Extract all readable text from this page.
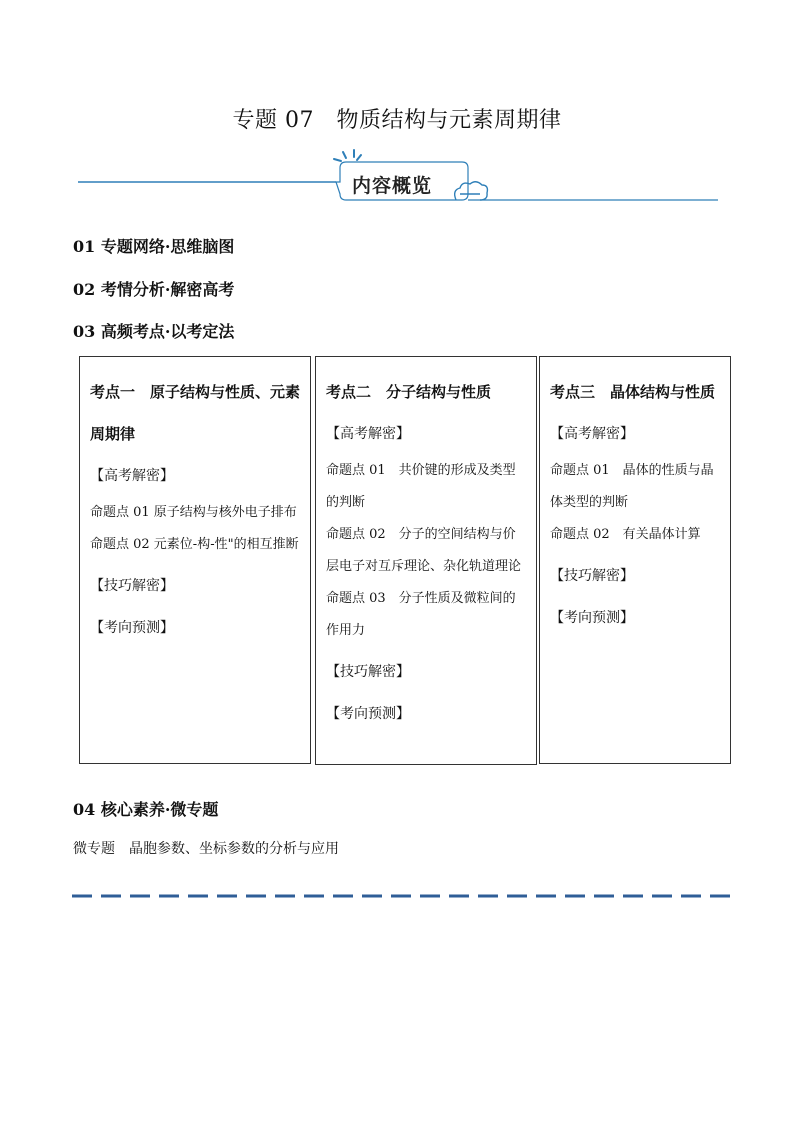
专题 07　物质结构与元素周期律
内容概览
01 专题网络·思维脑图
02 考情分析·解密高考
03 高频考点·以考定法
考点一　原子结构与性质、元素周期律
【高考解密】
命题点 01 原子结构与核外电子排布
命题点 02 元素位-构-性"的相互推断
【技巧解密】
【考向预测】
考点二　分子结构与性质
【高考解密】
命题点 01　共价键的形成及类型的判断
命题点 02　分子的空间结构与价层电子对互斥理论、杂化轨道理论
命题点 03　分子性质及微粒间的作用力
【技巧解密】
【考向预测】
考点三　晶体结构与性质
【高考解密】
命题点 01　晶体的性质与晶体类型的判断
命题点 02　有关晶体计算
【技巧解密】
【考向预测】
04 核心素养·微专题
微专题　晶胞参数、坐标参数的分析与应用
